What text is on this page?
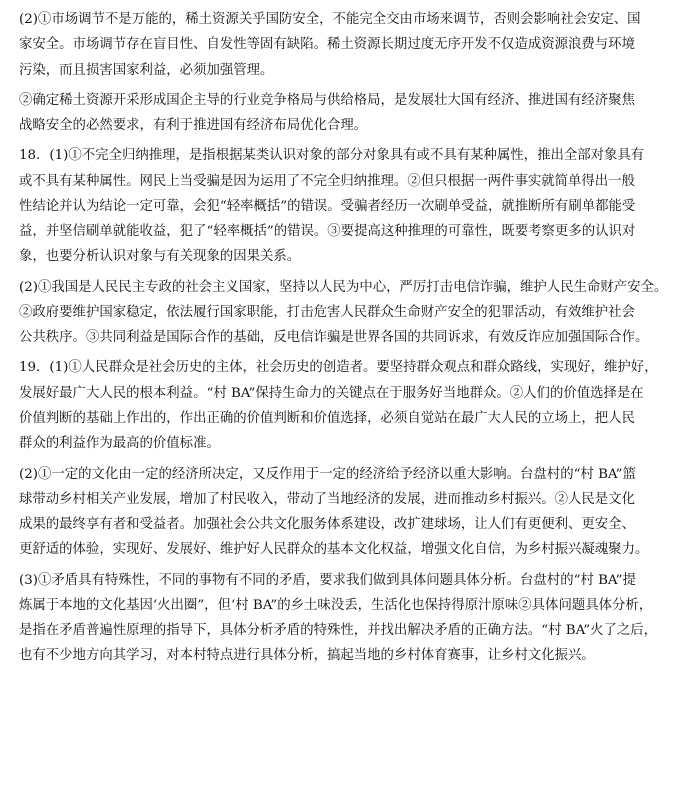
(2)①市场调节不是万能的，稀土资源关乎国防安全，不能完全交由市场来调节，否则会影响社会安定、国
家安全。市场调节存在盲目性、自发性等固有缺陷。稀土资源长期过度无序开发不仅造成资源浪费与环境
污染，而且损害国家利益，必须加强管理。
②确定稀土资源开采形成国企主导的行业竞争格局与供给格局，是发展壮大国有经济、推进国有经济聚焦
战略安全的必然要求，有利于推进国有经济布局优化合理。
18．(1)①不完全归纳推理，是指根据某类认识对象的部分对象具有或不具有某种属性，推出全部对象具有
或不具有某种属性。网民上当受骗是因为运用了不完全归纳推理。②但只根据一两件事实就简单得出一般
性结论并认为结论一定可靠，会犯“轻率概括”的错误。受骗者经历一次刷单受益，就推断所有刷单都能受
益，并坚信刷单就能收益，犯了“轻率概括”的错误。③要提高这种推理的可靠性，既要考察更多的认识对
象，也要分析认识对象与有关现象的因果关系。
(2)①我国是人民民主专政的社会主义国家，坚持以人民为中心，严厉打击电信诈骗，维护人民生命财产安全。
②政府要维护国家稳定，依法履行国家职能，打击危害人民群众生命财产安全的犯罪活动，有效维护社会
公共秩序。③共同利益是国际合作的基础，反电信诈骗是世界各国的共同诉求，有效反诈应加强国际合作。
19．(1)①人民群众是社会历史的主体，社会历史的创造者。要坚持群众观点和群众路线，实现好，维护好，
发展好最广大人民的根本利益。“村 BA”保持生命力的关键点在于服务好当地群众。②人们的价值选择是在
价值判断的基础上作出的，作出正确的价值判断和价值选择，必须自觉站在最广大人民的立场上，把人民
群众的利益作为最高的价值标准。
(2)①一定的文化由一定的经济所决定，又反作用于一定的经济给予经济以重大影响。台盘村的“村 BA”篮
球带动乡村相关产业发展，增加了村民收入，带动了当地经济的发展，进而推动乡村振兴。②人民是文化
成果的最终享有者和受益者。加强社会公共文化服务体系建设，改扩建球场，让人们有更便利、更安全、
更舒适的体验，实现好、发展好、维护好人民群众的基本文化权益，增强文化自信，为乡村振兴凝魂聚力。
(3)①矛盾具有特殊性，不同的事物有不同的矛盾，要求我们做到具体问题具体分析。台盘村的“村 BA”提
炼属于本地的文化基因‘火出圈”，但‘村 BA”的乡土味没丢，生活化也保持得原汁原味②具体问题具体分析，
是指在矛盾普遍性原理的指导下，具体分析矛盾的特殊性，并找出解决矛盾的正确方法。“村 BA”火了之后，
也有不少地方向其学习，对本村特点进行具体分析，搞起当地的乡村体育赛事，让乡村文化振兴。
